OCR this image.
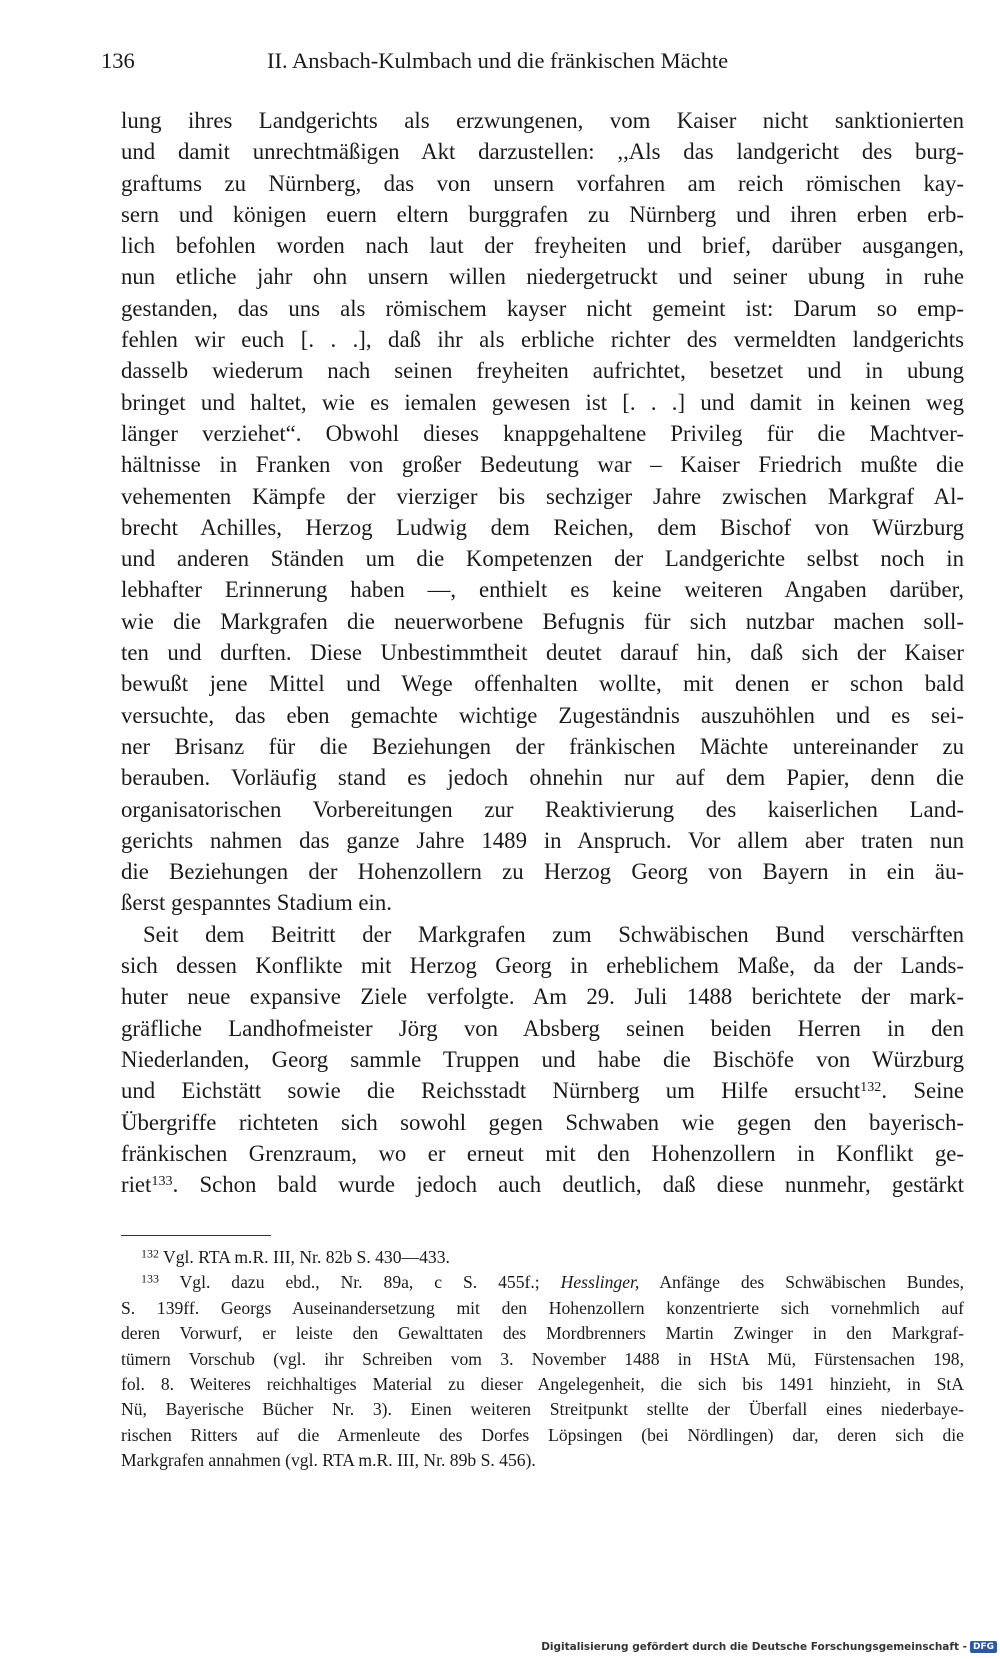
136	II. Ansbach-Kulmbach und die fränkischen Mächte
lung ihres Landgerichts als erzwungenen, vom Kaiser nicht sanktionierten
und damit unrechtmäßigen Akt darzustellen: ,,Als das landgericht des burg-
graftums zu Nürnberg, das von unsern vorfahren am reich römischen kay-
sern und königen euern eltern burggrafen zu Nürnberg und ihren erben erb-
lich befohlen worden nach laut der freyheiten und brief, darüber ausgangen,
nun etliche jahr ohn unsern willen niedergetruckt und seiner ubung in ruhe
gestanden, das uns als römischem kayser nicht gemeint ist: Darum so emp-
fehlen wir euch [. . .], daß ihr als erbliche richter des vermeldten landgerichts
dasselb wiederum nach seinen freyheiten aufrichtet, besetzet und in ubung
bringet und haltet, wie es iemalen gewesen ist [. . .] und damit in keinen weg
länger verziehet“. Obwohl dieses knappgehaltene Privileg für die Machtver-
hältnisse in Franken von großer Bedeutung war – Kaiser Friedrich mußte die
vehementen Kämpfe der vierziger bis sechziger Jahre zwischen Markgraf Al-
brecht Achilles, Herzog Ludwig dem Reichen, dem Bischof von Würzburg
und anderen Ständen um die Kompetenzen der Landgerichte selbst noch in
lebhafter Erinnerung haben —, enthielt es keine weiteren Angaben darüber,
wie die Markgrafen die neuerworbene Befugnis für sich nutzbar machen soll-
ten und durften. Diese Unbestimmtheit deutet darauf hin, daß sich der Kaiser
bewußt jene Mittel und Wege offenhalten wollte, mit denen er schon bald
versuchte, das eben gemachte wichtige Zugeständnis auszuhöhlen und es sei-
ner Brisanz für die Beziehungen der fränkischen Mächte untereinander zu
berauben. Vorläufig stand es jedoch ohnehin nur auf dem Papier, denn die
organisatorischen Vorbereitungen zur Reaktivierung des kaiserlichen Land-
gerichts nahmen das ganze Jahre 1489 in Anspruch. Vor allem aber traten nun
die Beziehungen der Hohenzollern zu Herzog Georg von Bayern in ein äu-
ßerst gespanntes Stadium ein.
Seit dem Beitritt der Markgrafen zum Schwäbischen Bund verschärften
sich dessen Konflikte mit Herzog Georg in erheblichem Maße, da der Lands-
huter neue expansive Ziele verfolgte. Am 29. Juli 1488 berichtete der mark-
gräfliche Landhofmeister Jörg von Absberg seinen beiden Herren in den
Niederlanden, Georg sammle Truppen und habe die Bischöfe von Würzburg
und Eichstätt sowie die Reichsstadt Nürnberg um Hilfe ersucht$^{132}$. Seine
Übergriffe richteten sich sowohl gegen Schwaben wie gegen den bayerisch-
fränkischen Grenzraum, wo er erneut mit den Hohenzollern in Konflikt ge-
riet$^{133}$. Schon bald wurde jedoch auch deutlich, daß diese nunmehr, gestärkt
$^{132}$ Vgl. RTA m.R. III, Nr. 82b S. 430—433.
$^{133}$ Vgl. dazu ebd., Nr. 89a, c S. 455f.; Hesslinger, Anfänge des Schwäbischen Bundes,
S. 139ff. Georgs Auseinandersetzung mit den Hohenzollern konzentrierte sich vornehmlich auf
deren Vorwurf, er leiste den Gewalttaten des Mordbrenners Martin Zwinger in den Markgraf-
tümern Vorschub (vgl. ihr Schreiben vom 3. November 1488 in HStA Mü, Fürstensachen 198,
fol. 8. Weiteres reichhaltiges Material zu dieser Angelegenheit, die sich bis 1491 hinzieht, in StA
Nü, Bayerische Bücher Nr. 3). Einen weiteren Streitpunkt stellte der Überfall eines niederbaye-
rischen Ritters auf die Armenleute des Dorfes Löpsingen (bei Nördlingen) dar, deren sich die
Markgrafen annahmen (vgl. RTA m.R. III, Nr. 89b S. 456).
Digitalisierung gefördert durch die Deutsche Forschungsgemeinschaft - DFG
